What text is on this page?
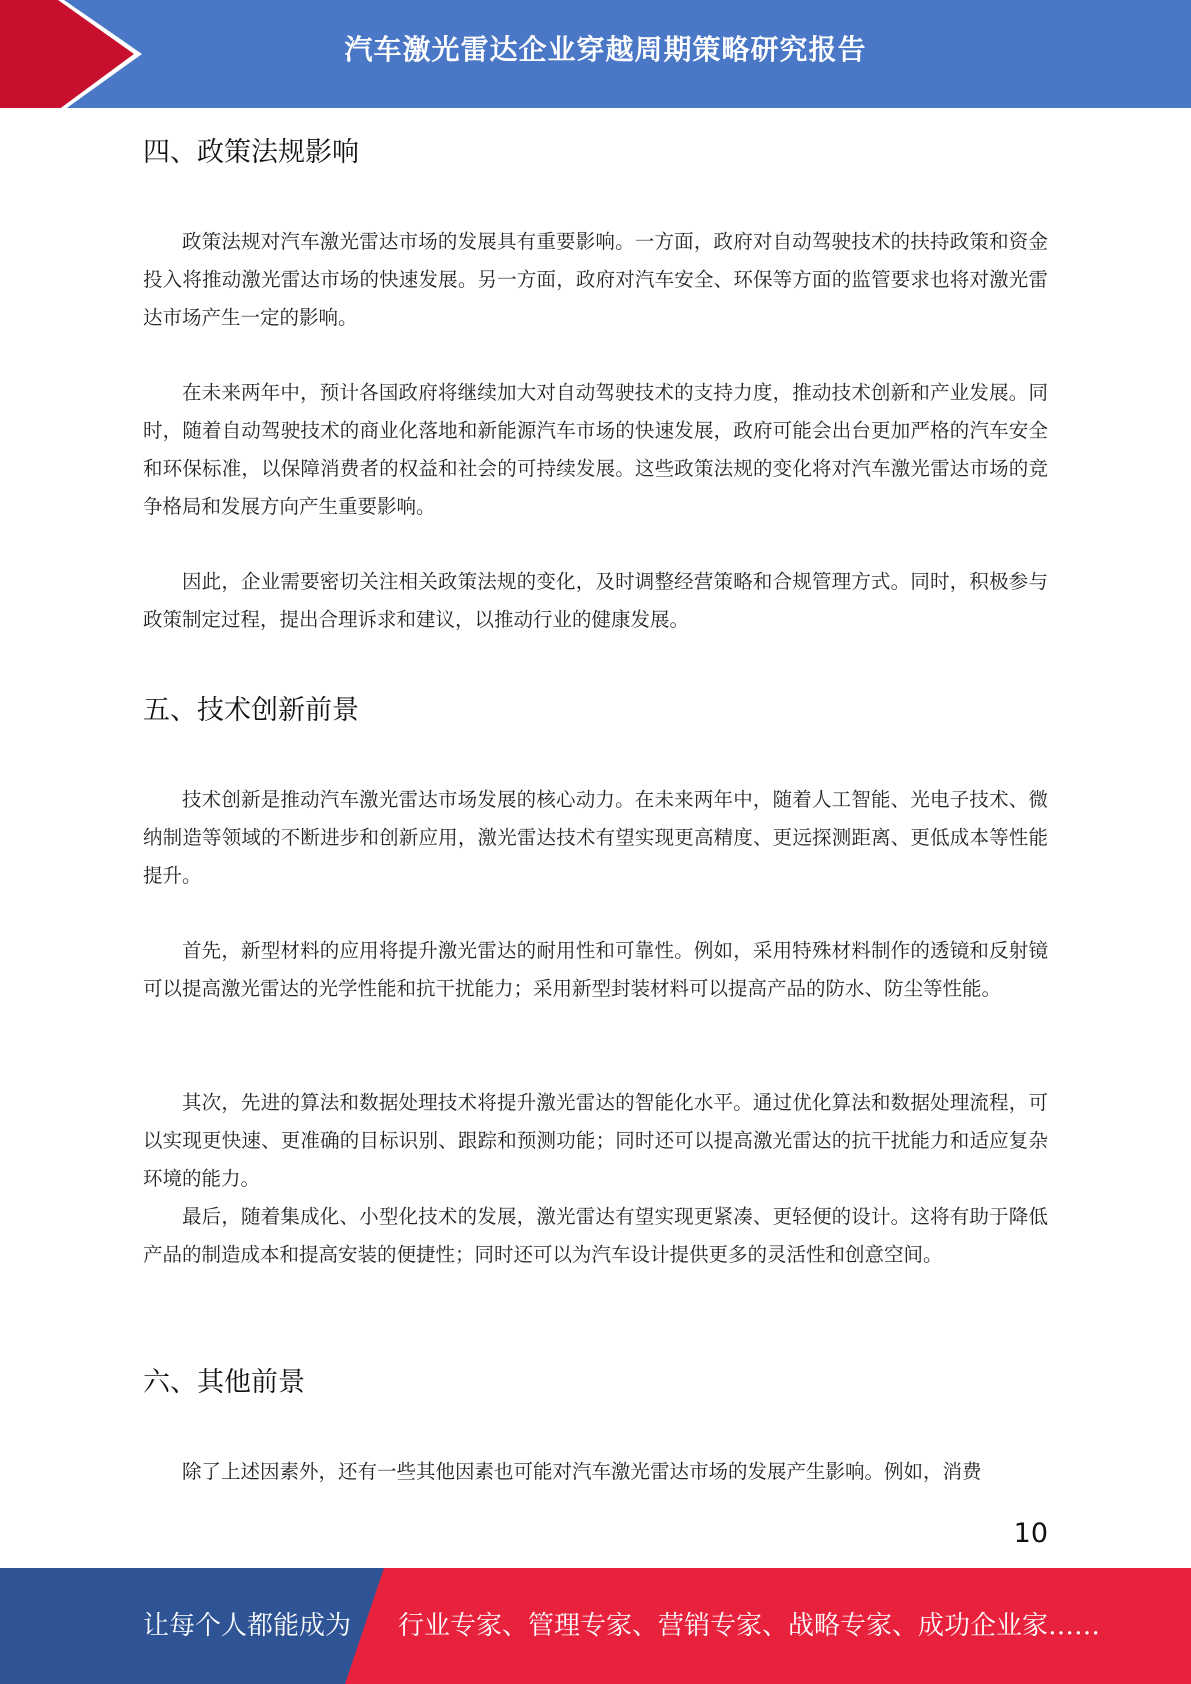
汽车激光雷达企业穿越周期策略研究报告
四、政策法规影响

政策法规对汽车激光雷达市场的发展具有重要影响。一方面，政府对自动驾驶技术的扶持政策和资金投入将推动激光雷达市场的快速发展。另一方面，政府对汽车安全、环保等方面的监管要求也将对激光雷达市场产生一定的影响。

在未来两年中，预计各国政府将继续加大对自动驾驶技术的支持力度，推动技术创新和产业发展。同时，随着自动驾驶技术的商业化落地和新能源汽车市场的快速发展，政府可能会出台更加严格的汽车安全和环保标准，以保障消费者的权益和社会的可持续发展。这些政策法规的变化将对汽车激光雷达市场的竞争格局和发展方向产生重要影响。

因此，企业需要密切关注相关政策法规的变化，及时调整经营策略和合规管理方式。同时，积极参与政策制定过程，提出合理诉求和建议，以推动行业的健康发展。

五、技术创新前景

技术创新是推动汽车激光雷达市场发展的核心动力。在未来两年中，随着人工智能、光电子技术、微纳制造等领域的不断进步和创新应用，激光雷达技术有望实现更高精度、更远探测距离、更低成本等性能提升。

首先，新型材料的应用将提升激光雷达的耐用性和可靠性。例如，采用特殊材料制作的透镜和反射镜可以提高激光雷达的光学性能和抗干扰能力；采用新型封装材料可以提高产品的防水、防尘等性能。

其次，先进的算法和数据处理技术将提升激光雷达的智能化水平。通过优化算法和数据处理流程，可以实现更快速、更准确的目标识别、跟踪和预测功能；同时还可以提高激光雷达的抗干扰能力和适应复杂环境的能力。

最后，随着集成化、小型化技术的发展，激光雷达有望实现更紧凑、更轻便的设计。这将有助于降低产品的制造成本和提高安装的便捷性；同时还可以为汽车设计提供更多的灵活性和创意空间。

六、其他前景

除了上述因素外，还有一些其他因素也可能对汽车激光雷达市场的发展产生影响。例如，消费

10
让每个人都能成为 行业专家、管理专家、营销专家、战略专家、成功企业家……
